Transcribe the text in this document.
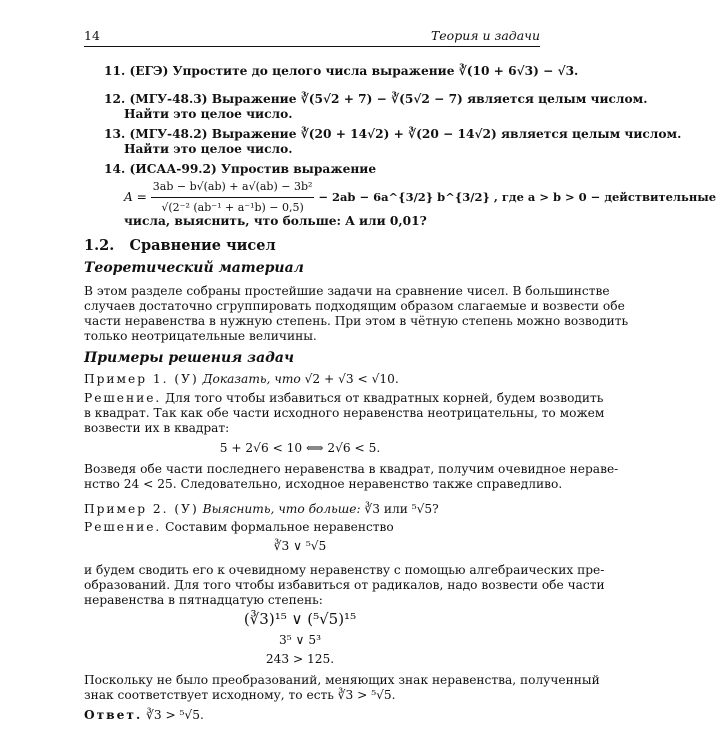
14	Теория и задачи
11. (ЕГЭ) Упростите до целого числа выражение ∛(10 + 6√3) − √3.
12. (МГУ-48.3) Выражение ∛(5√2 + 7) − ∛(5√2 − 7) является целым числом.
Найти это целое число.
13. (МГУ-48.2) Выражение ∛(20 + 14√2) + ∛(20 − 14√2) является целым числом.
Найти это целое число.
14. (ИСАА-99.2) Упростив выражение
$A = \frac{\text{3ab − b√(ab) + a√(ab) − 3b²}}{\text{√(2⁻² (ab⁻¹ + a⁻¹b) − 0,5)}} - 2ab$ − 6a^{3/2} b^{3/2} , где a > b > 0 − действительные
числа, выяснить, что больше: A или 0,01?
1.2. Сравнение чисел
Теоретический материал
В этом разделе собраны простейшие задачи на сравнение чисел. В большинстве
случаев достаточно сгруппировать подходящим образом слагаемые и возвести обе
части неравенства в нужную степень. При этом в чётную степень можно возводить
только неотрицательные величины.
Примеры решения задач
Пример 1. (У) Доказать, что √2 + √3 < √10.
Решение. Для того чтобы избавиться от квадратных корней, будем возводить
в квадрат. Так как обе части исходного неравенства неотрицательны, то можем
возвести их в квадрат:
5 + 2√6 < 10 ⟺ 2√6 < 5.
Возведя обе части последнего неравенства в квадрат, получим очевидное нераве-
нство 24 < 25. Следовательно, исходное неравенство также справедливо.
Пример 2. (У) Выяснить, что больше: ∛3 или ⁵√5?
Решение. Составим формальное неравенство
∛3 ∨ ⁵√5
и будем сводить его к очевидному неравенству с помощью алгебраических пре-
образований. Для того чтобы избавиться от радикалов, надо возвести обе части
неравенства в пятнадцатую степень:
(∛3)¹⁵ ∨ (⁵√5)¹⁵
3⁵ ∨ 5³
243 > 125.
Поскольку не было преобразований, меняющих знак неравенства, полученный
знак соответствует исходному, то есть ∛3 > ⁵√5.
Ответ. ∛3 > ⁵√5.
